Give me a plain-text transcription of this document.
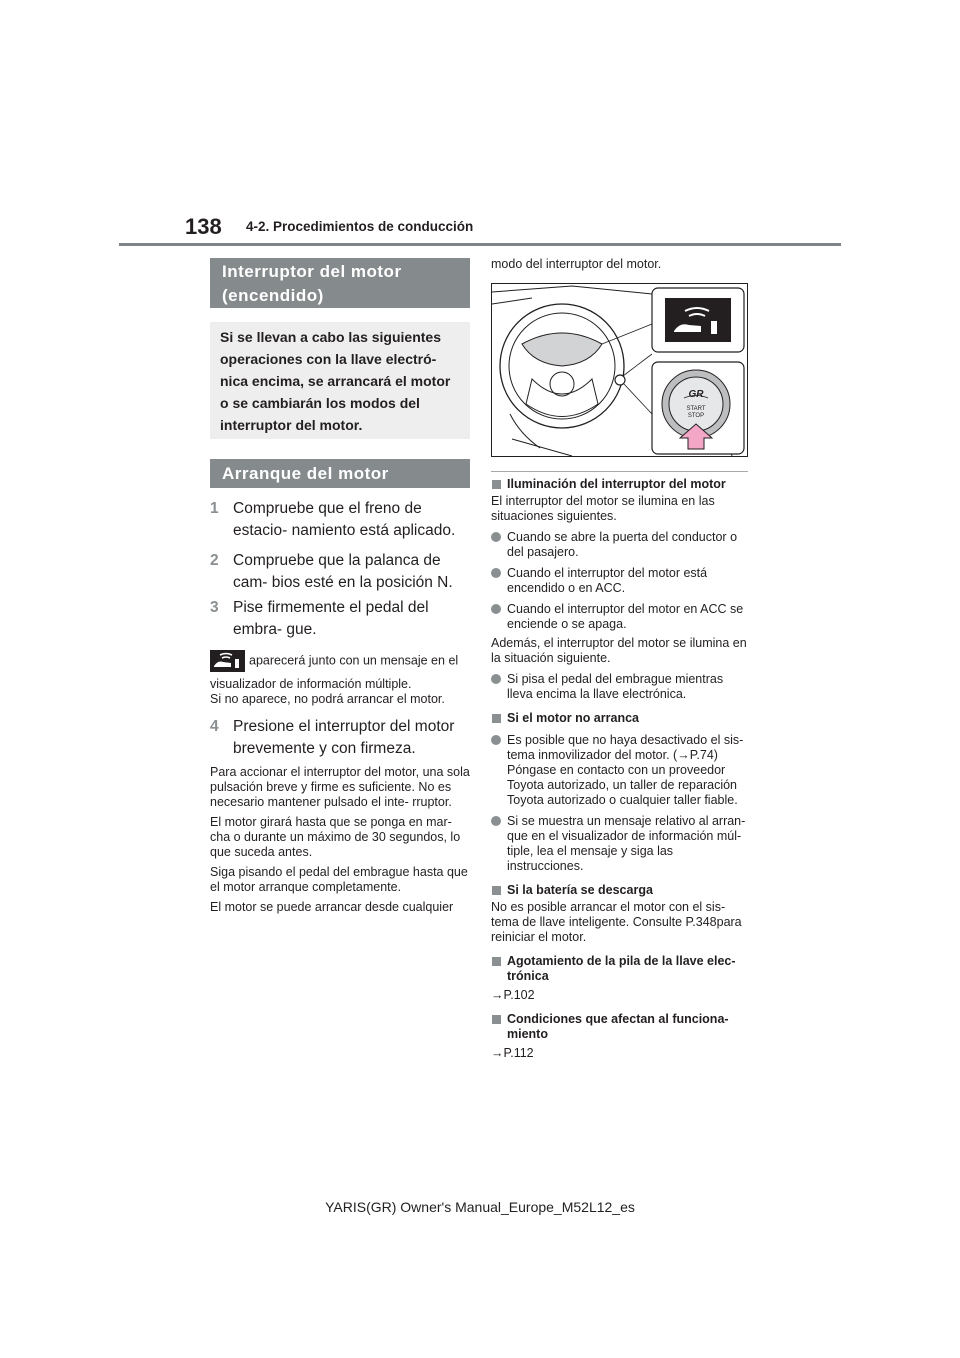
138 4-2. Procedimientos de conducción
Interruptor del motor
(encendido)
Si se llevan a cabo las siguientes operaciones con la llave electró- nica encima, se arrancará el motor o se cambiarán los modos del interruptor del motor.
Arranque del motor
1 Compruebe que el freno de estacio- namiento está aplicado.
2 Compruebe que la palanca de cam- bios esté en la posición N.
3 Pise firmemente el pedal del embra- gue.
aparecerá junto con un mensaje en el
visualizador de información múltiple.
Si no aparece, no podrá arrancar el motor.
4 Presione el interruptor del motor brevemente y con firmeza.
Para accionar el interruptor del motor, una sola pulsación breve y firme es suficiente. No es necesario mantener pulsado el inte- rruptor.
El motor girará hasta que se ponga en mar- cha o durante un máximo de 30 segundos, lo que suceda antes.
Siga pisando el pedal del embrague hasta que el motor arranque completamente.
El motor se puede arrancar desde cualquier
modo del interruptor del motor.
GR
START
STOP
Iluminación del interruptor del motor
El interruptor del motor se ilumina en las situaciones siguientes.
Cuando se abre la puerta del conductor o del pasajero.
Cuando el interruptor del motor está encendido o en ACC.
Cuando el interruptor del motor en ACC se enciende o se apaga.
Además, el interruptor del motor se ilumina en la situación siguiente.
Si pisa el pedal del embrague mientras lleva encima la llave electrónica.
Si el motor no arranca
Es posible que no haya desactivado el sis- tema inmovilizador del motor. (→P.74) Póngase en contacto con un proveedor Toyota autorizado, un taller de reparación Toyota autorizado o cualquier taller fiable.
Si se muestra un mensaje relativo al arran- que en el visualizador de información múl- tiple, lea el mensaje y siga las instrucciones.
Si la batería se descarga
No es posible arrancar el motor con el sis- tema de llave inteligente. Consulte P.348para reiniciar el motor.
Agotamiento de la pila de la llave elec- trónica
→P.102
Condiciones que afectan al funciona- miento
→P.112
YARIS(GR) Owner's Manual_Europe_M52L12_es
